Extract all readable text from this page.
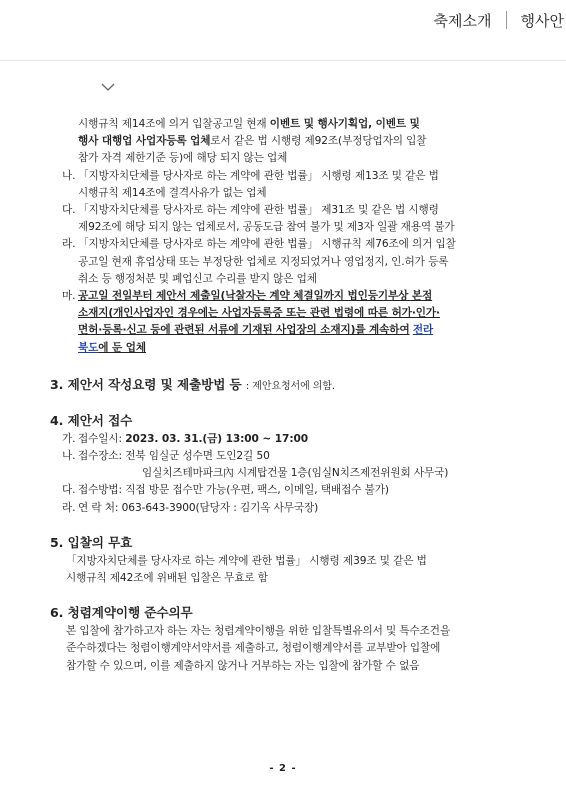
축제소개	행사안
시행규칙 제14조에 의거 입찰공고일 현재 이벤트 및 행사기획업, 이벤트 및
행사 대행업 사업자등록 업체로서 같은 법 시행령 제92조(부정당업자의 입찰
참가 자격 제한기준 등)에 해당 되지 않는 업체
나. 「지방자치단체를 당사자로 하는 계약에 관한 법률」 시행령 제13조 및 같은 법
시행규칙 제14조에 결격사유가 없는 업체
다. 「지방자치단체를 당사자로 하는 계약에 관한 법률」 제31조 및 같은 법 시행령
제92조에 해당 되지 않는 업체로서, 공동도급 참여 불가 및 제3자 일괄 재용역 불가
라. 「지방자치단체를 당사자로 하는 계약에 관한 법률」 시행규칙 제76조에 의거 입찰
공고일 현재 휴업상태 또는 부정당한 업체로 지정되었거나 영업정지, 인.허가 등록
취소 등 행정처분 및 폐업신고 수리를 받지 않은 업체
마. 공고일 전일부터 제안서 제출일(낙찰자는 계약 체결일까지 법인등기부상 본점
소재지(개인사업자인 경우에는 사업자등록증 또는 관련 법령에 따른 허가·인가·
면허·등록·신고 등에 관련된 서류에 기재된 사업장의 소재지)를 계속하여 전라
북도에 둔 업체
3. 제안서 작성요령 및 제출방법 등 : 제안요청서에 의함.
4. 제안서 접수
가. 접수일시: 2023. 03. 31.(금) 13:00 ~ 17:00
나. 접수장소: 전북 임실군 성수면 도인2길 50
임실치즈테마파크內 시계탑건물 1층(임실N치즈제전위원회 사무국)
다. 접수방법: 직접 방문 접수만 가능(우편, 팩스, 이메일, 택배접수 불가)
라. 연 락 처: 063-643-3900(담당자 : 김기옥 사무국장)
5. 입찰의 무효
「지방자치단체를 당사자로 하는 계약에 관한 법률」 시행령 제39조 및 같은 법
시행규칙 제42조에 위배된 입찰은 무효로 함
6. 청렴계약이행 준수의무
본 입찰에 참가하고자 하는 자는 청렴계약이행을 위한 입찰특별유의서 및 특수조건을
준수하겠다는 청렴이행계약서약서를 제출하고, 청렴이행계약서를 교부받아 입찰에
참가할 수 있으며, 이를 제출하지 않거나 거부하는 자는 입찰에 참가할 수 없음
- 2 -
